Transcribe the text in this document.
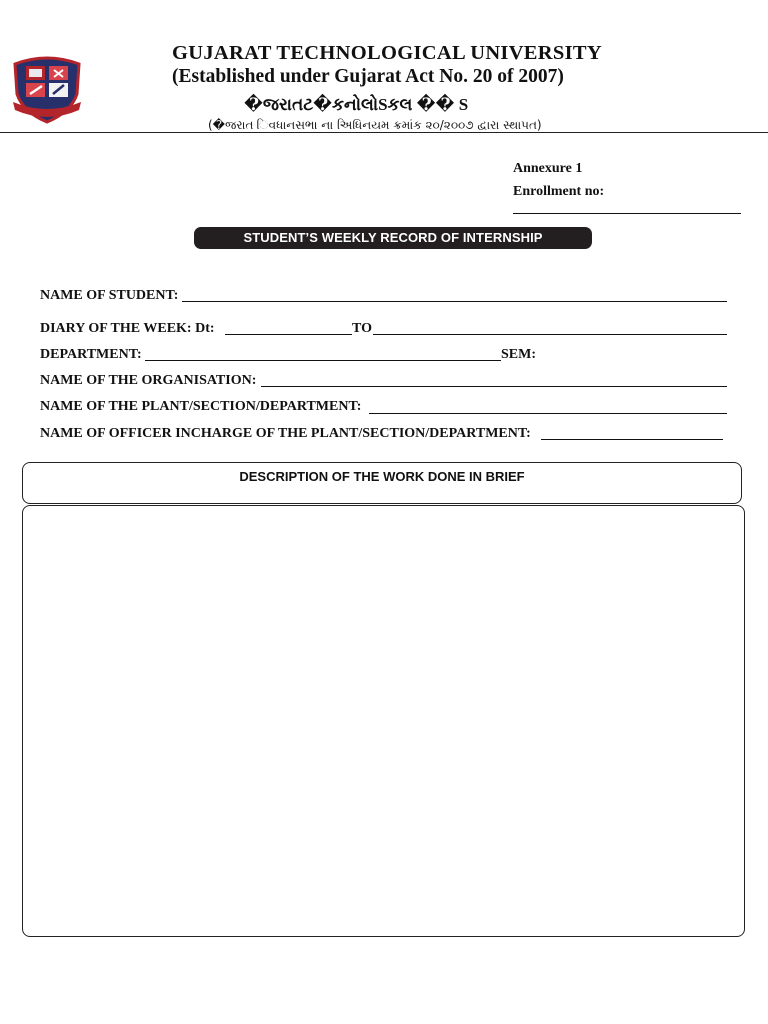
GUJARAT TECHNOLOGICAL UNIVERSITY
(Established under Gujarat Act No. 20 of 2007)
�જરાતટ�કનોલોSકલ �� S
(�જરાત િવધાનસભા ના અિધિનયમ ક્રમાંક ૨૦/૨૦૦૭ દ્વારા સ્થાપત)
Annexure 1
Enrollment no:
STUDENT’S WEEKLY RECORD OF INTERNSHIP
NAME OF STUDENT:
DIARY OF THE WEEK: Dt:	TO
DEPARTMENT:	SEM:
NAME OF THE ORGANISATION:
NAME OF THE PLANT/SECTION/DEPARTMENT:
NAME OF OFFICER INCHARGE OF THE PLANT/SECTION/DEPARTMENT:
DESCRIPTION OF THE WORK DONE IN BRIEF
